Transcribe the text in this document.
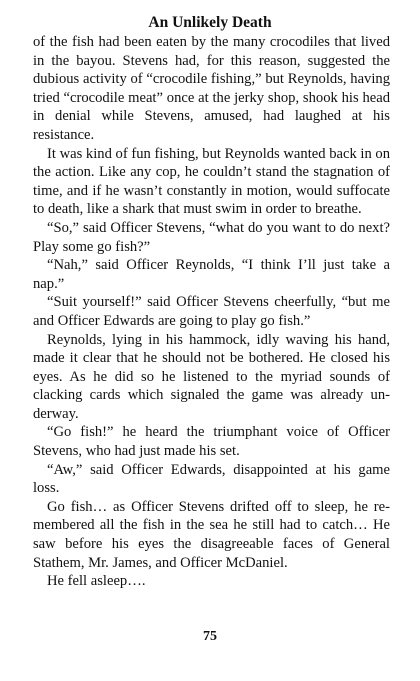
An Unlikely Death

of the fish had been eaten by the many crocodiles that lived in the bayou. Stevens had, for this reason, suggested the dubious activity of “crocodile fishing,” but Reynolds, having tried “crocodile meat” once at the jerky shop, shook his head in denial while Stevens, amused, had laughed at his resistance.

It was kind of fun fishing, but Reynolds wanted back in on the action. Like any cop, he couldn’t stand the stagnation of time, and if he wasn’t constantly in motion, would suffocate to death, like a shark that must swim in order to breathe.

“So,” said Officer Stevens, “what do you want to do next? Play some go fish?”

“Nah,” said Officer Reynolds, “I think I’ll just take a nap.”

“Suit yourself!” said Officer Stevens cheerfully, “but me and Officer Edwards are going to play go fish.”

Reynolds, lying in his hammock, idly waving his hand, made it clear that he should not be bothered. He closed his eyes. As he did so he listened to the myriad sounds of clacking cards which signaled the game was already underway.

“Go fish!” he heard the triumphant voice of Officer Stevens, who had just made his set.

“Aw,” said Officer Edwards, disappointed at his game loss.

Go fish… as Officer Stevens drifted off to sleep, he remembered all the fish in the sea he still had to catch… He saw before his eyes the disagreeable faces of General Stathem, Mr. James, and Officer McDaniel.

He fell asleep….

75
